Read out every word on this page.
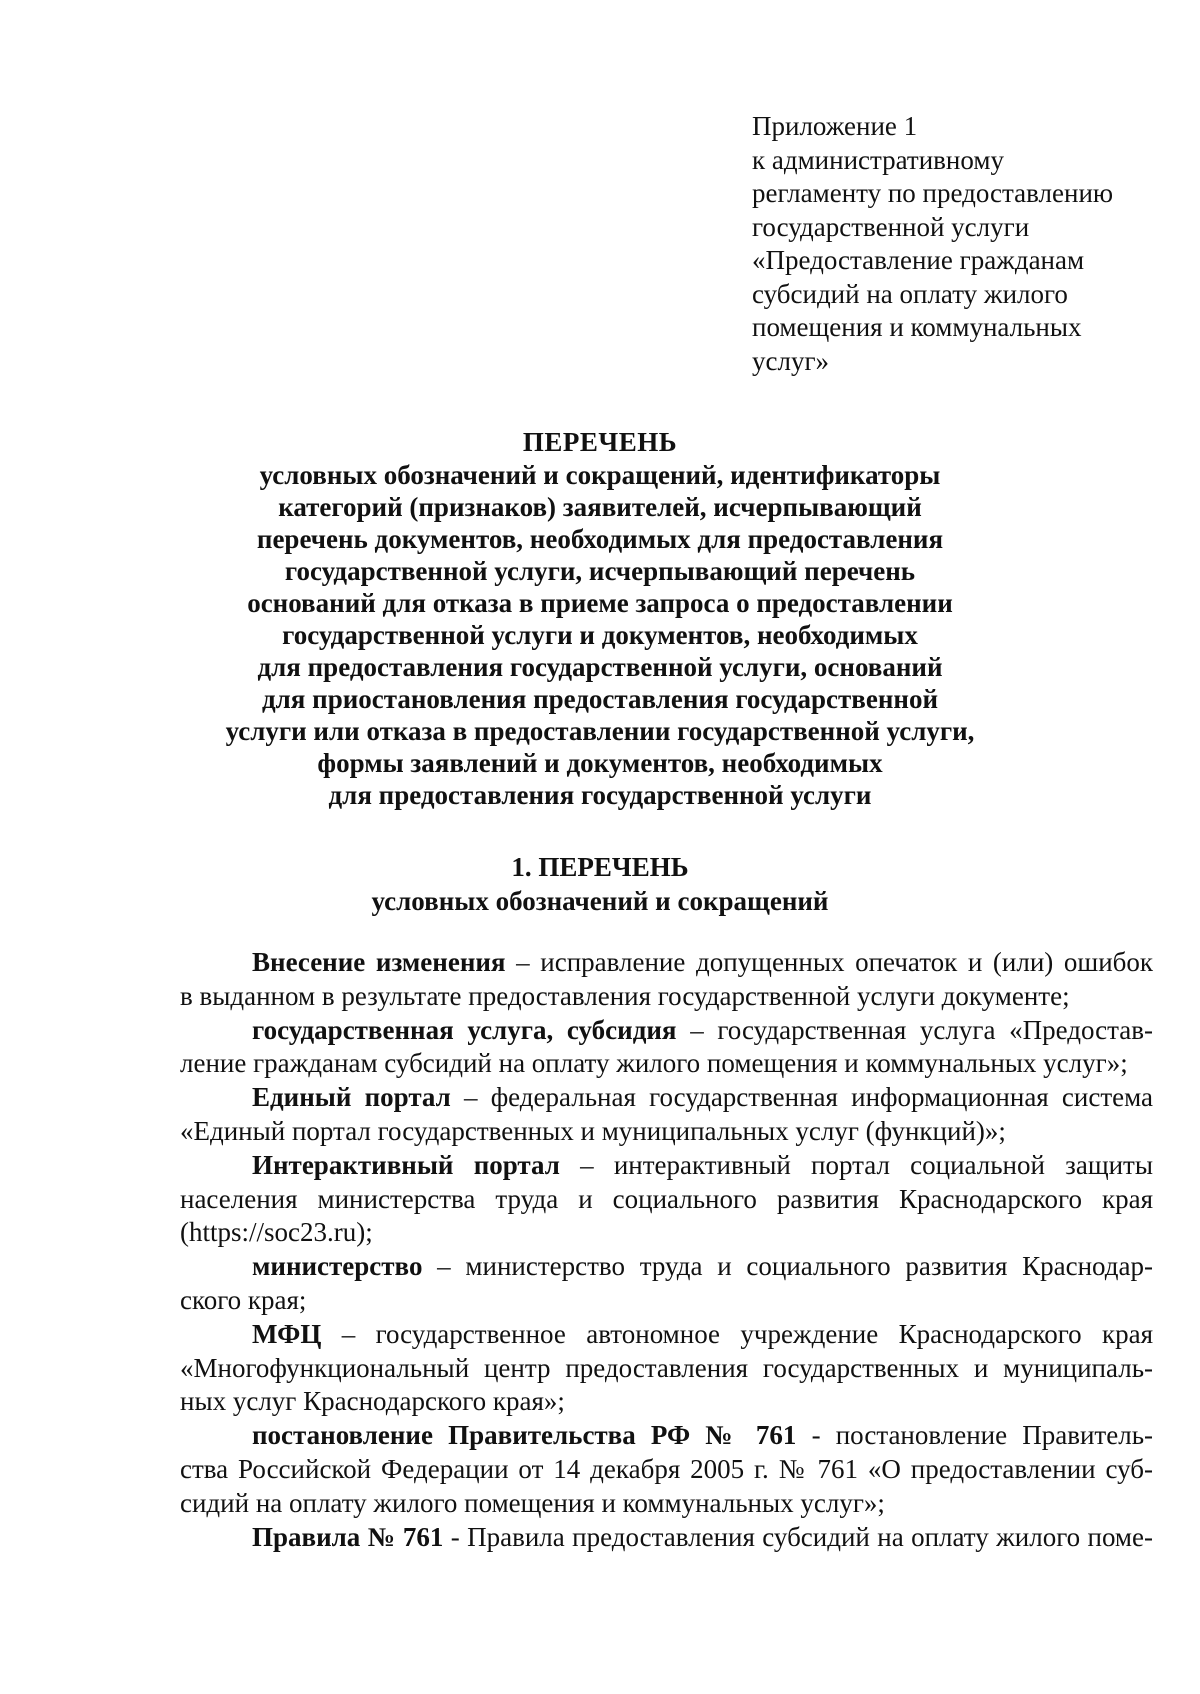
Приложение 1
к административному
регламенту по предоставлению
государственной услуги
«Предоставление гражданам
субсидий на оплату жилого
помещения и коммунальных
услуг»
ПЕРЕЧЕНЬ
условных обозначений и сокращений, идентификаторы
категорий (признаков) заявителей, исчерпывающий
перечень документов, необходимых для предоставления
государственной услуги, исчерпывающий перечень
оснований для отказа в приеме запроса о предоставлении
государственной услуги и документов, необходимых
для предоставления государственной услуги, оснований
для приостановления предоставления государственной
услуги или отказа в предоставлении государственной услуги,
формы заявлений и документов, необходимых
для предоставления государственной услуги
1. ПЕРЕЧЕНЬ
условных обозначений и сокращений
Внесение изменения – исправление допущенных опечаток и (или) ошибок
в выданном в результате предоставления государственной услуги документе;
государственная услуга, субсидия – государственная услуга «Предостав-
ление гражданам субсидий на оплату жилого помещения и коммунальных услуг»;
Единый портал – федеральная государственная информационная система
«Единый портал государственных и муниципальных услуг (функций)»;
Интерактивный портал – интерактивный портал социальной защиты
населения министерства труда и социального развития Краснодарского края
(https://soc23.ru);
министерство – министерство труда и социального развития Краснодар-
ского края;
МФЦ – государственное автономное учреждение Краснодарского края
«Многофункциональный центр предоставления государственных и муниципаль-
ных услуг Краснодарского края»;
постановление Правительства РФ № 761 - постановление Правитель-
ства Российской Федерации от 14 декабря 2005 г. № 761 «О предоставлении суб-
сидий на оплату жилого помещения и коммунальных услуг»;
Правила № 761 - Правила предоставления субсидий на оплату жилого поме-
